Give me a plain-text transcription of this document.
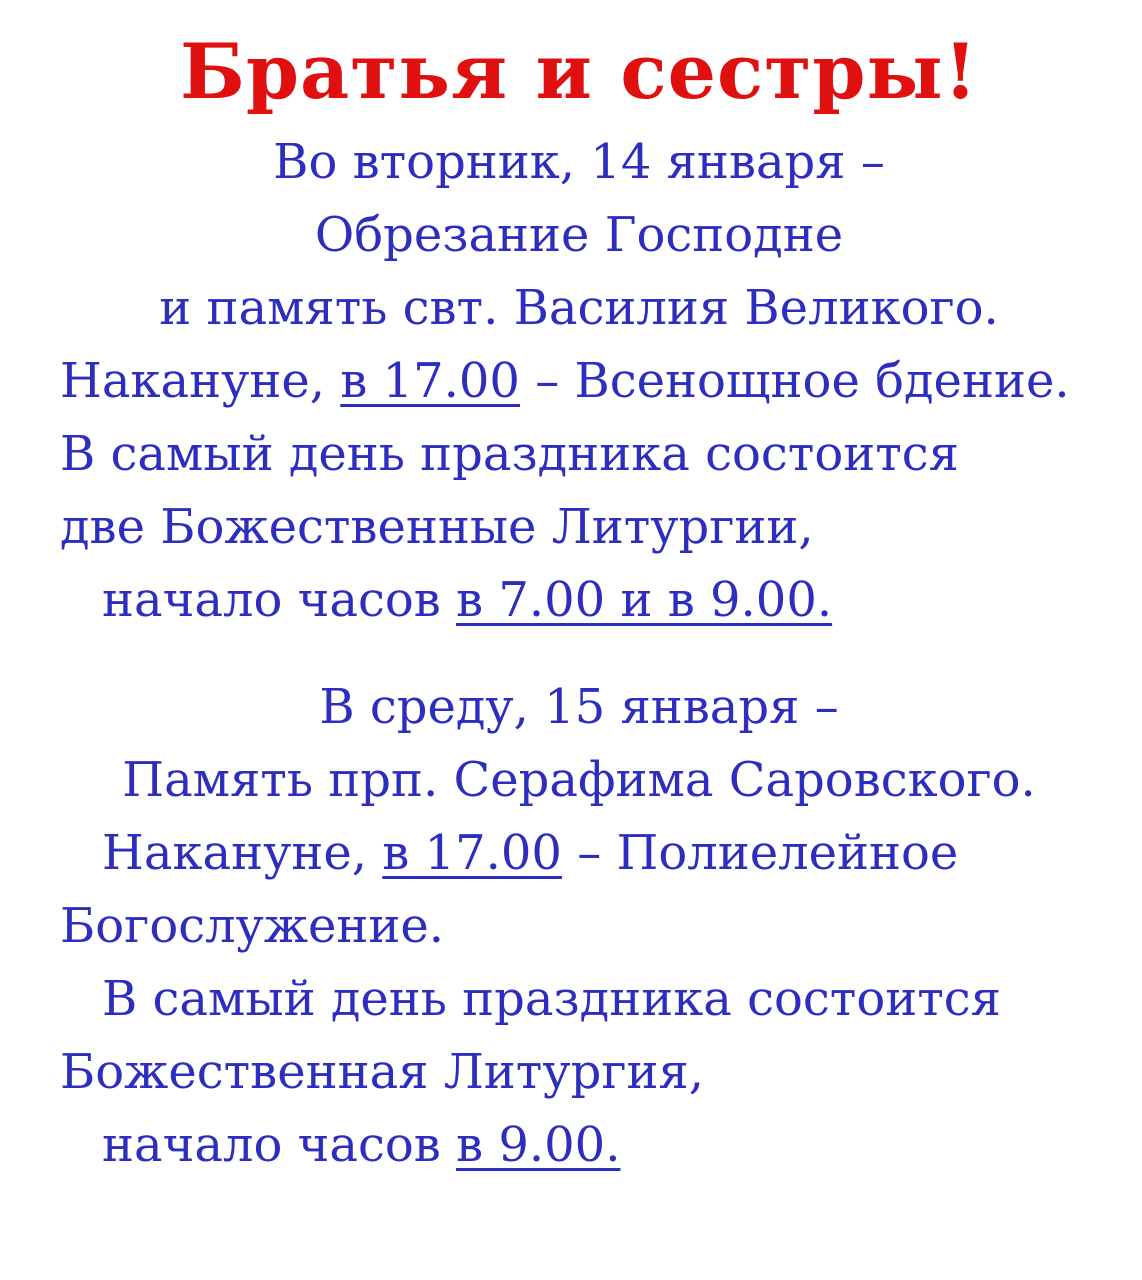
Братья и сестры!
Во вторник, 14 января –
Обрезание Господне
и память свт. Василия Великого.
Накануне, в 17.00 – Всенощное бдение.
В самый день праздника состоится
две Божественные Литургии,
начало часов в 7.00 и в 9.00.
В среду, 15 января –
Память прп. Серафима Саровского.
Накануне, в 17.00 – Полиелейное
Богослужение.
В самый день праздника состоится
Божественная Литургия,
начало часов в 9.00.
